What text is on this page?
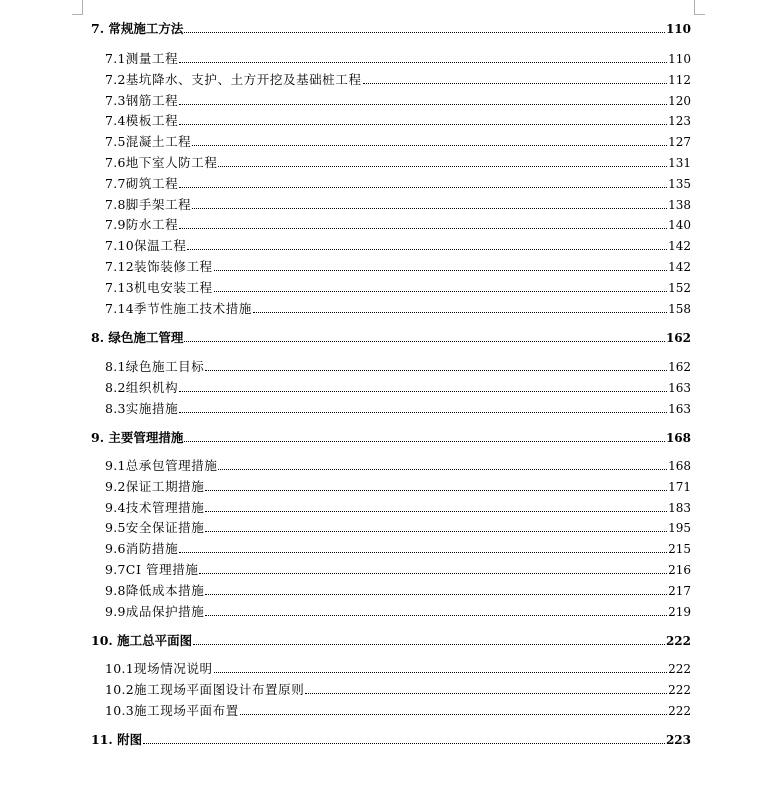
7. 常规施工方法	110
7.1测量工程	110
7.2基坑降水、支护、土方开挖及基础桩工程	112
7.3钢筋工程	120
7.4模板工程	123
7.5混凝土工程	127
7.6地下室人防工程	131
7.7砌筑工程	135
7.8脚手架工程	138
7.9防水工程	140
7.10保温工程	142
7.12装饰装修工程	142
7.13机电安装工程	152
7.14季节性施工技术措施	158
8. 绿色施工管理	162
8.1绿色施工目标	162
8.2组织机构	163
8.3实施措施	163
9. 主要管理措施	168
9.1总承包管理措施	168
9.2保证工期措施	171
9.4技术管理措施	183
9.5安全保证措施	195
9.6消防措施	215
9.7CI 管理措施	216
9.8降低成本措施	217
9.9成品保护措施	219
10. 施工总平面图	222
10.1现场情况说明	222
10.2施工现场平面图设计布置原则	222
10.3施工现场平面布置	222
11. 附图	223
